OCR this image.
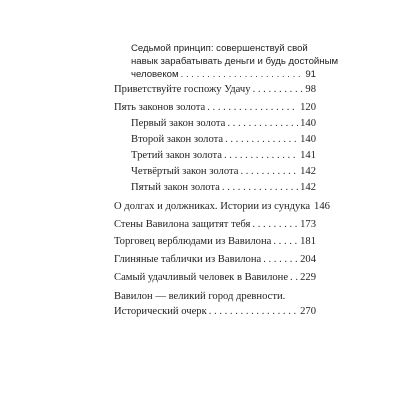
Седьмой принцип: совершенствуй свой
навык зарабатывать деньги и будь достойным
человеком . . .	91
Приветствуйте госпожу Удачу . . .	98
Пять законов золота . . .	120
Первый закон золота . . .	140
Второй закон золота . . .	140
Третий закон золота . . .	141
Четвёртый закон золота . . .	142
Пятый закон золота . . .	142
О долгах и должниках. Истории из сундука 146
Стены Вавилона защитят тебя . . .	173
Торговец верблюдами из Вавилона . . .	181
Глиняные таблички из Вавилона . . .	204
Самый удачливый человек в Вавилоне . . . 229
Вавилон — великий город древности.
Исторический очерк . . .	270
